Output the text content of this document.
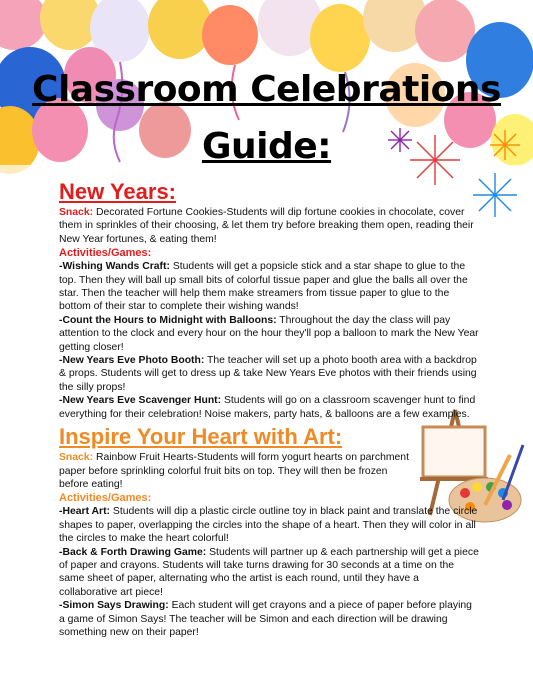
Classroom Celebrations
Guide:
New Years:

Snack: Decorated Fortune Cookies-Students will dip fortune cookies in chocolate, cover them in sprinkles of their choosing, & let them try before breaking them open, reading their New Year fortunes, & eating them!

Activities/Games:

-Wishing Wands Craft: Students will get a popsicle stick and a star shape to glue to the top. Then they will ball up small bits of colorful tissue paper and glue the balls all over the star. Then the teacher will help them make streamers from tissue paper to glue to the bottom of their star to complete their wishing wands!

-Count the Hours to Midnight with Balloons: Throughout the day the class will pay attention to the clock and every hour on the hour they'll pop a balloon to mark the New Year getting closer!

-New Years Eve Photo Booth: The teacher will set up a photo booth area with a backdrop & props. Students will get to dress up & take New Years Eve photos with their friends using the silly props!

-New Years Eve Scavenger Hunt: Students will go on a classroom scavenger hunt to find everything for their celebration! Noise makers, party hats, & balloons are a few examples.

Inspire Your Heart with Art:

Snack: Rainbow Fruit Hearts-Students will form yogurt hearts on parchment paper before sprinkling colorful fruit bits on top. They will then be frozen before eating!

Activities/Games:

-Heart Art: Students will dip a plastic circle outline toy in black paint and translate the circle shapes to paper, overlapping the circles into the shape of a heart. Then they will color in all the circles to make the heart colorful!

-Back & Forth Drawing Game: Students will partner up & each partnership will get a piece of paper and crayons. Students will take turns drawing for 30 seconds at a time on the same sheet of paper, alternating who the artist is each round, until they have a collaborative art piece!

-Simon Says Drawing: Each student will get crayons and a piece of paper before playing a game of Simon Says! The teacher will be Simon and each direction will be drawing something new on their paper!
